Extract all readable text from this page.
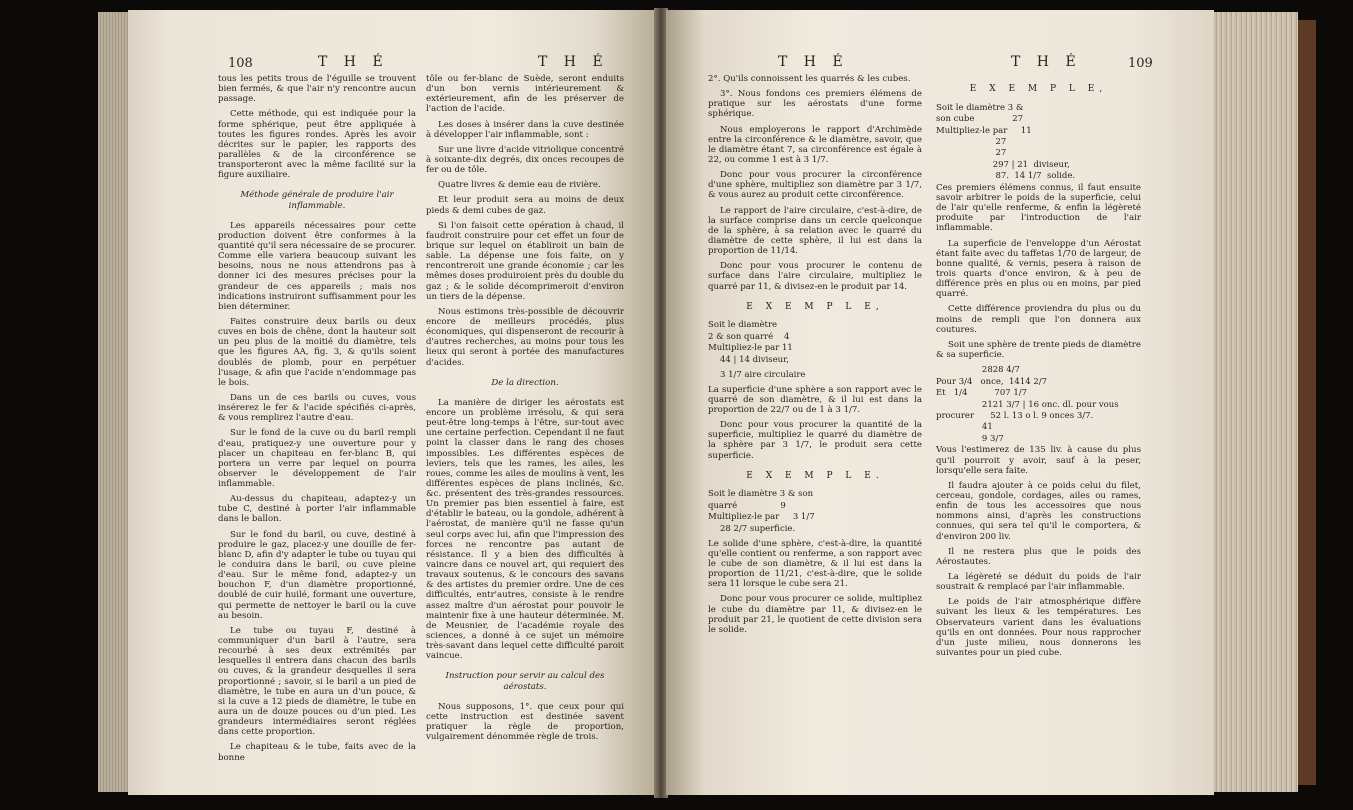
108	T H É	T H É

tous les petits trous de l'éguille se trouvent bien fermés, & que l'air n'y rencontre aucun passage.

Cette méthode, qui est indiquée pour la forme sphérique, peut être appliquée à toutes les figures rondes. Après les avoir décrites sur le papier, les rapports des parallèles & de la circonférence se transporteront avec la même facilité sur la figure auxiliaire.

Méthode générale de produire l'air inflammable.

Les appareils nécessaires pour cette production doivent être conformes à la quantité qu'il sera nécessaire de se procurer. Comme elle variera beaucoup suivant les besoins, nous ne nous attendrons pas à donner ici des mesures précises pour la grandeur de ces appareils ; mais nos indications instruiront suffisamment pour les bien déterminer.

Faites construire deux barils ou deux cuves en bois de chêne, dont la hauteur soit un peu plus de la moitié du diamètre, tels que les figures AA, fig. 3, & qu'ils soient doublés de plomb, pour en perpétuer l'usage, & afin que l'acide n'endommage pas le bois.

Dans un de ces barils ou cuves, vous insérerez le fer & l'acide spécifiés ci-après, & vous remplirez l'autre d'eau.

Sur le fond de la cuve ou du baril rempli d'eau, pratiquez-y une ouverture pour y placer un chapiteau en fer-blanc B, qui portera un verre par lequel on pourra observer le développement de l'air inflammable.

Au-dessus du chapiteau, adaptez-y un tube C, destiné à porter l'air inflammable dans le ballon.

Sur le fond du baril, ou cuve, destiné à produire le gaz, placez-y une douille de fer-blanc D, afin d'y adapter le tube ou tuyau qui le conduira dans le baril, ou cuve pleine d'eau. Sur le même fond, adaptez-y un bouchon F, d'un diamètre proportionné, doublé de cuir huilé, formant une ouverture, qui permette de nettoyer le baril ou la cuve au besoin.

Le tube ou tuyau F, destiné à communiquer d'un baril à l'autre, sera recourbé à ses deux extrémités par lesquelles il entrera dans chacun des barils ou cuves, & la grandeur desquelles il sera proportionné ; savoir, si le baril a un pied de diamètre, le tube en aura un d'un pouce, & si la cuve a 12 pieds de diamètre, le tube en aura un de douze pouces ou d'un pied. Les grandeurs intermédiaires seront réglées dans cette proportion.

Le chapiteau & le tube, faits avec de la bonne

tôle ou fer-blanc de Suède, seront enduits d'un bon vernis intérieurement & extérieurement, afin de les préserver de l'action de l'acide.

Les doses à insérer dans la cuve destinée à développer l'air inflammable, sont :

Sur une livre d'acide vitriolique concentré à soixante-dix degrés, dix onces recoupes de fer ou de tôle.

Quatre livres & demie eau de rivière.

Et leur produit sera au moins de deux pieds & demi cubes de gaz.

Si l'on faisoit cette opération à chaud, il faudroit construire pour cet effet un four de brique sur lequel on établiroit un bain de sable. La dépense une fois faite, on y rencontreroit une grande économie ; car les mêmes doses produiroient près du double du gaz ; & le solide décomprimeroit d'environ un tiers de la dépense.

Nous estimons très-possible de découvrir encore de meilleurs procédés, plus économiques, qui dispenseront de recourir à d'autres recherches, au moins pour tous les lieux qui seront à portée des manufactures d'acides.

De la direction.

La manière de diriger les aérostats est encore un problème irrésolu, & qui sera peut-être long-temps à l'être, sur-tout avec une certaine perfection. Cependant il ne faut point la classer dans le rang des choses impossibles. Les différentes espèces de leviers, tels que les rames, les ailes, les roues, comme les ailes de moulins à vent, les différentes espèces de plans inclinés, &c. &c. présentent des très-grandes ressources. Un premier pas bien essentiel à faire, est d'établir le bateau, ou la gondole, adhérent à l'aérostat, de manière qu'il ne fasse qu'un seul corps avec lui, afin que l'impression des forces ne rencontre pas autant de résistance. Il y a bien des difficultés à vaincre dans ce nouvel art, qui requiert des travaux soutenus, & le concours des savans & des artistes du premier ordre. Une de ces difficultés, entr'autres, consiste à le rendre assez maître d'un aérostat pour pouvoir le maintenir fixe à une hauteur déterminée. M. de Meusnier, de l'académie royale des sciences, a donné à ce sujet un mémoire très-savant dans lequel cette difficulté paroit vaincue.

Instruction pour servir au calcul des aérostats.

Nous supposons, 1°. que ceux pour qui cette instruction est destinée savent pratiquer la règle de proportion, vulgairement dénommée règle de trois.

T H É	T H É	109

2°. Qu'ils connoissent les quarrés & les cubes.

3°. Nous fondons ces premiers élémens de pratique sur les aérostats d'une forme sphérique.

Nous employerons le rapport d'Archimède entre la circonférence & le diamètre, savoir, que le diamètre étant 7, sa circonférence est égale à 22, ou comme 1 est à 3 1/7.

Donc pour vous procurer la circonférence d'une sphère, multipliez son diamètre par 3 1/7, & vous aurez au produit cette circonférence.

Le rapport de l'aire circulaire, c'est-à-dire, de la surface comprise dans un cercle quelconque de la sphère, à sa relation avec le quarré du diamètre de cette sphère, il lui est dans la proportion de 11/14.

Donc pour vous procurer le contenu de surface dans l'aire circulaire, multipliez le quarré par 11, & divisez-en le produit par 14.

E X E M P L E,

Soit le diamètre
2 & son quarré    4
Multipliez-le par 11

44 | 14 diviseur,

3 1/7 aire circulaire

La superficie d'une sphère a son rapport avec le quarré de son diamètre, & il lui est dans la proportion de 22/7 ou de 1 à 3 1/7.

Donc pour vous procurer la quantité de la superficie, multipliez le quarré du diamètre de la sphère par 3 1/7, le produit sera cette superficie.

E X E M P L E.

Soit le diamètre 3 & son
quarré                9
Multipliez-le par     3 1/7

28 2/7 superficie.

Le solide d'une sphère, c'est-à-dire, la quantité qu'elle contient ou renferme, a son rapport avec le cube de son diamètre, & il lui est dans la proportion de 11/21, c'est-à-dire, que le solide sera 11 lorsque le cube sera 21.

Donc pour vous procurer ce solide, multipliez le cube du diamètre par 11, & divisez-en le produit par 21, le quotient de cette division sera le solide.

E X E M P L E,

Soit le diamètre 3 &
son cube              27
Multipliez-le par     11
27
27
297 | 21  diviseur,
87.  14 1/7  solide.

Ces premiers élémens connus, il faut ensuite savoir arbitrer le poids de la superficie, celui de l'air qu'elle renferme, & enfin la légèreté produite par l'introduction de l'air inflammable.

La superficie de l'enveloppe d'un Aérostat étant faite avec du taffetas 1/70 de largeur, de bonne qualité, & vernis, pesera à raison de trois quarts d'once environ, & à peu de différence près en plus ou en moins, par pied quarré.

Cette différence proviendra du plus ou du moins de rempli que l'on donnera aux coutures.

Soit une sphère de trente pieds de diamètre & sa superficie.

2828 4/7
Pour 3/4   once,  1414 2/7
Et   1/4          707 1/7
2121 3/7 | 16 onc. dl. pour vous
procurer      52 l. 13 o l. 9 onces 3/7.
41
9 3/7

Vous l'estimerez de 135 liv. à cause du plus qu'il pourroit y avoir, sauf à la peser, lorsqu'elle sera faite.

Il faudra ajouter à ce poids celui du filet, cerceau, gondole, cordages, ailes ou rames, enfin de tous les accessoires que nous nommons ainsi, d'après les constructions connues, qui sera tel qu'il le comportera, & d'environ 200 liv.

Il ne restera plus que le poids des Aérostautes.

La légèreté se déduit du poids de l'air soustrait & remplacé par l'air inflammable.

Le poids de l'air atmosphérique diffère suivant les lieux & les températures. Les Observateurs varient dans les évaluations qu'ils en ont données. Pour nous rapprocher d'un juste milieu, nous donnerons les suivantes pour un pied cube.
